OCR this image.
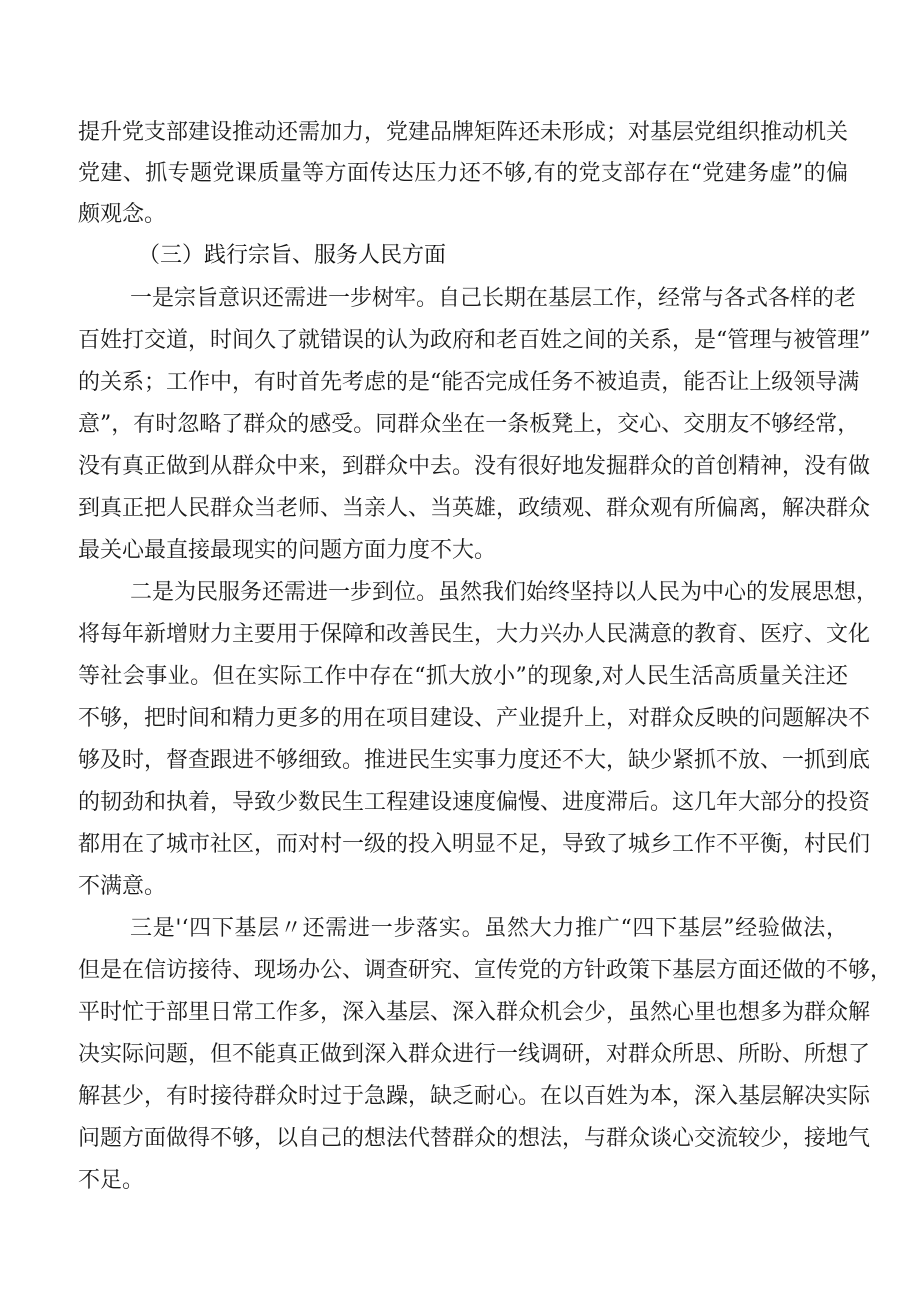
提升党支部建设推动还需加力，党建品牌矩阵还未形成；对基层党组织推动机关
党建、抓专题党课质量等方面传达压力还不够,有的党支部存在“党建务虚”的偏
颇观念。
（三）践行宗旨、服务人民方面
一是宗旨意识还需进一步树牢。自己长期在基层工作，经常与各式各样的老
百姓打交道，时间久了就错误的认为政府和老百姓之间的关系，是“管理与被管理”
的关系；工作中，有时首先考虑的是“能否完成任务不被追责，能否让上级领导满
意”，有时忽略了群众的感受。同群众坐在一条板凳上，交心、交朋友不够经常，
没有真正做到从群众中来，到群众中去。没有很好地发掘群众的首创精神，没有做
到真正把人民群众当老师、当亲人、当英雄，政绩观、群众观有所偏离，解决群众
最关心最直接最现实的问题方面力度不大。
二是为民服务还需进一步到位。虽然我们始终坚持以人民为中心的发展思想，
将每年新增财力主要用于保障和改善民生，大力兴办人民满意的教育、医疗、文化
等社会事业。但在实际工作中存在“抓大放小”的现象,对人民生活高质量关注还
不够，把时间和精力更多的用在项目建设、产业提升上，对群众反映的问题解决不
够及时，督查跟进不够细致。推进民生实事力度还不大，缺少紧抓不放、一抓到底
的韧劲和执着，导致少数民生工程建设速度偏慢、进度滞后。这几年大部分的投资
都用在了城市社区，而对村一级的投入明显不足，导致了城乡工作不平衡，村民们
不满意。
三是'‘四下基层〃还需进一步落实。虽然大力推广“四下基层”经验做法，
但是在信访接待、现场办公、调查研究、宣传党的方针政策下基层方面还做的不够，
平时忙于部里日常工作多，深入基层、深入群众机会少，虽然心里也想多为群众解
决实际问题，但不能真正做到深入群众进行一线调研，对群众所思、所盼、所想了
解甚少，有时接待群众时过于急躁，缺乏耐心。在以百姓为本，深入基层解决实际
问题方面做得不够，以自己的想法代替群众的想法，与群众谈心交流较少，接地气
不足。
